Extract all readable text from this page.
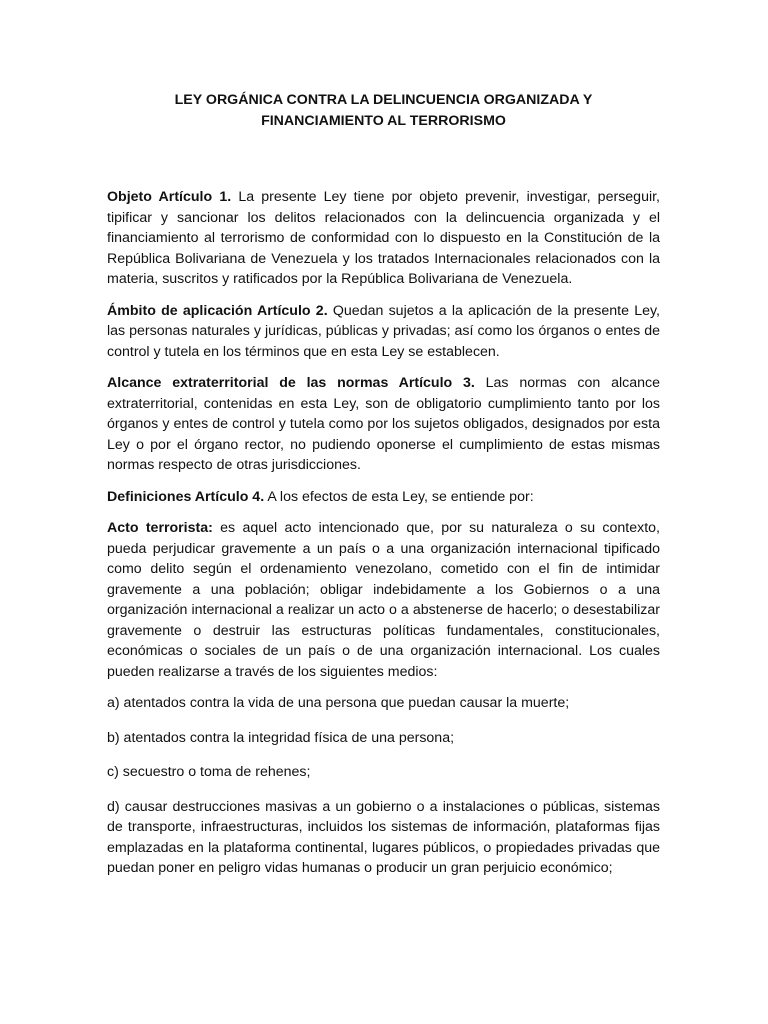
LEY ORGÁNICA CONTRA LA DELINCUENCIA ORGANIZADA Y
FINANCIAMIENTO AL TERRORISMO

Objeto Artículo 1. La presente Ley tiene por objeto prevenir, investigar, perseguir, tipificar y sancionar los delitos relacionados con la delincuencia organizada y el financiamiento al terrorismo de conformidad con lo dispuesto en la Constitución de la República Bolivariana de Venezuela y los tratados Internacionales relacionados con la materia, suscritos y ratificados por la República Bolivariana de Venezuela.

Ámbito de aplicación Artículo 2. Quedan sujetos a la aplicación de la presente Ley, las personas naturales y jurídicas, públicas y privadas; así como los órganos o entes de control y tutela en los términos que en esta Ley se establecen.

Alcance extraterritorial de las normas Artículo 3. Las normas con alcance extraterritorial, contenidas en esta Ley, son de obligatorio cumplimiento tanto por los órganos y entes de control y tutela como por los sujetos obligados, designados por esta Ley o por el órgano rector, no pudiendo oponerse el cumplimiento de estas mismas normas respecto de otras jurisdicciones.

Definiciones Artículo 4. A los efectos de esta Ley, se entiende por:

Acto terrorista: es aquel acto intencionado que, por su naturaleza o su contexto, pueda perjudicar gravemente a un país o a una organización internacional tipificado como delito según el ordenamiento venezolano, cometido con el fin de intimidar gravemente a una población; obligar indebidamente a los Gobiernos o a una organización internacional a realizar un acto o a abstenerse de hacerlo; o desestabilizar gravemente o destruir las estructuras políticas fundamentales, constitucionales, económicas o sociales de un país o de una organización internacional. Los cuales pueden realizarse a través de los siguientes medios:

a) atentados contra la vida de una persona que puedan causar la muerte;

b) atentados contra la integridad física de una persona;

c) secuestro o toma de rehenes;

d) causar destrucciones masivas a un gobierno o a instalaciones o públicas, sistemas de transporte, infraestructuras, incluidos los sistemas de información, plataformas fijas emplazadas en la plataforma continental, lugares públicos, o propiedades privadas que puedan poner en peligro vidas humanas o producir un gran perjuicio económico;
